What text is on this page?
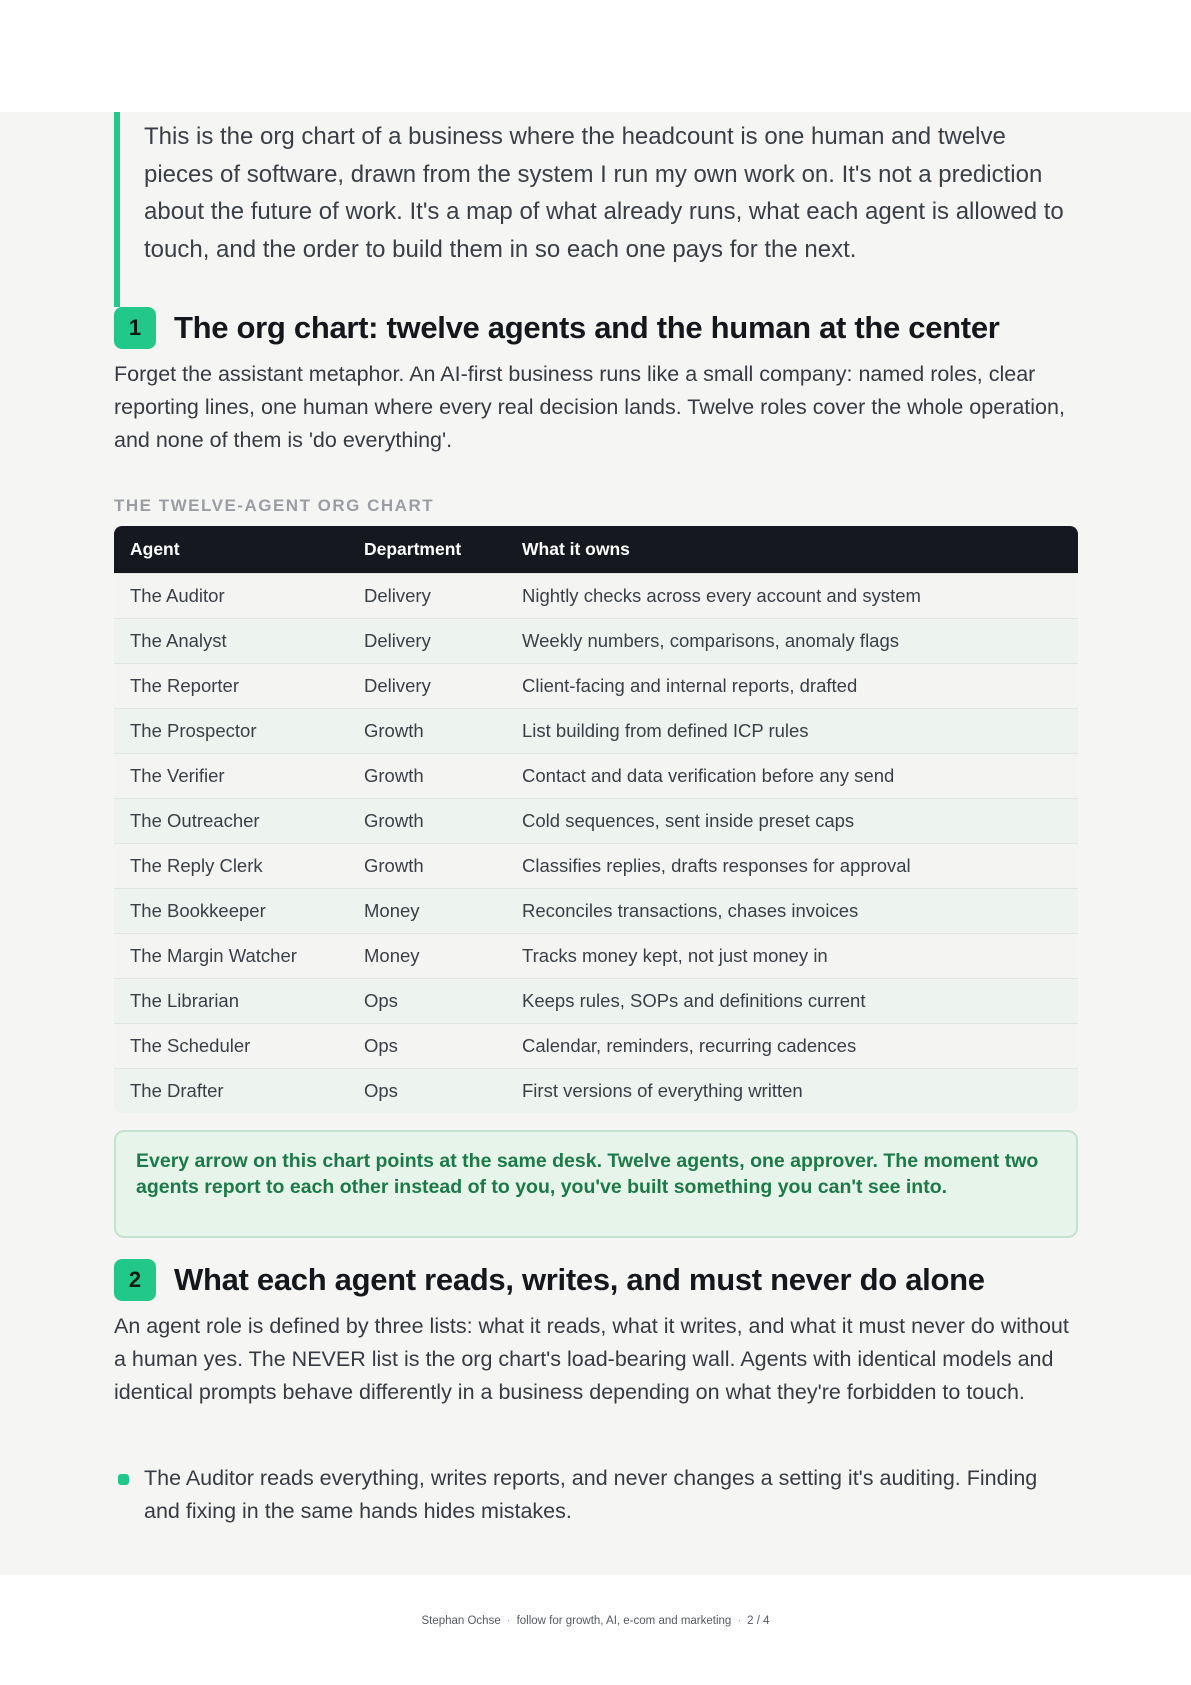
This is the org chart of a business where the headcount is one human and twelve pieces of software, drawn from the system I run my own work on. It's not a prediction about the future of work. It's a map of what already runs, what each agent is allowed to touch, and the order to build them in so each one pays for the next.
1	The org chart: twelve agents and the human at the center
Forget the assistant metaphor. An AI-first business runs like a small company: named roles, clear reporting lines, one human where every real decision lands. Twelve roles cover the whole operation, and none of them is 'do everything'.
THE TWELVE-AGENT ORG CHART
Agent	Department	What it owns
The Auditor	Delivery	Nightly checks across every account and system
The Analyst	Delivery	Weekly numbers, comparisons, anomaly flags
The Reporter	Delivery	Client-facing and internal reports, drafted
The Prospector	Growth	List building from defined ICP rules
The Verifier	Growth	Contact and data verification before any send
The Outreacher	Growth	Cold sequences, sent inside preset caps
The Reply Clerk	Growth	Classifies replies, drafts responses for approval
The Bookkeeper	Money	Reconciles transactions, chases invoices
The Margin Watcher	Money	Tracks money kept, not just money in
The Librarian	Ops	Keeps rules, SOPs and definitions current
The Scheduler	Ops	Calendar, reminders, recurring cadences
The Drafter	Ops	First versions of everything written
Every arrow on this chart points at the same desk. Twelve agents, one approver. The moment two agents report to each other instead of to you, you've built something you can't see into.
2	What each agent reads, writes, and must never do alone
An agent role is defined by three lists: what it reads, what it writes, and what it must never do without a human yes. The NEVER list is the org chart's load-bearing wall. Agents with identical models and identical prompts behave differently in a business depending on what they're forbidden to touch.
The Auditor reads everything, writes reports, and never changes a setting it's auditing. Finding and fixing in the same hands hides mistakes.
Stephan Ochse · follow for growth, AI, e-com and marketing · 2 / 4
